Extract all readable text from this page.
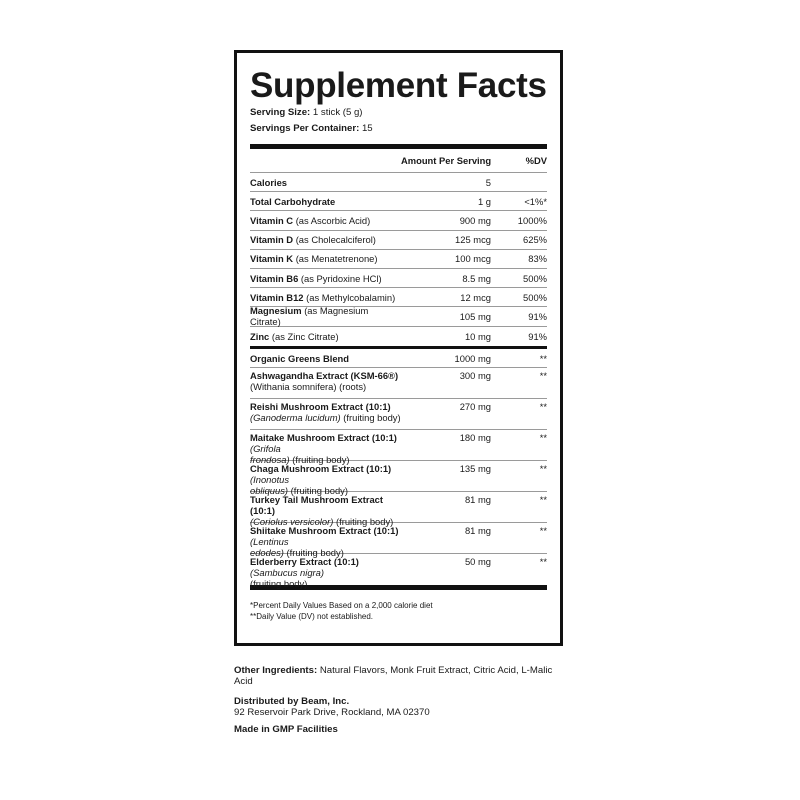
Supplement Facts
Serving Size: 1 stick (5 g)
Servings Per Container: 15
Amount Per Serving	%DV
Calories	5
Total Carbohydrate	1 g	<1%*
Vitamin C (as Ascorbic Acid)	900 mg	1000%
Vitamin D (as Cholecalciferol)	125 mcg	625%
Vitamin K (as Menatetrenone)	100 mcg	83%
Vitamin B6 (as Pyridoxine HCl)	8.5 mg	500%
Vitamin B12 (as Methylcobalamin)	12 mcg	500%
Magnesium (as Magnesium Citrate)	105 mg	91%
Zinc (as Zinc Citrate)	10 mg	91%
Organic Greens Blend	1000 mg	**
Ashwagandha Extract (KSM-66®)
(Withania somnifera) (roots)
300 mg	**
Reishi Mushroom Extract (10:1)
(Ganoderma lucidum) (fruiting body)
270 mg	**
Maitake Mushroom Extract (10:1) (Grifola
frondosa) (fruiting body)
180 mg	**
Chaga Mushroom Extract (10:1) (Inonotus
obliquus) (fruiting body)
135 mg	**
Turkey Tail Mushroom Extract (10:1)
(Coriolus versicolor) (fruiting body)
81 mg	**
Shiitake Mushroom Extract (10:1) (Lentinus
edodes) (fruiting body)
81 mg	**
Elderberry Extract (10:1) (Sambucus nigra)
(fruiting body)
50 mg	**
*Percent Daily Values Based on a 2,000 calorie diet
**Daily Value (DV) not established.
Other Ingredients: Natural Flavors, Monk Fruit Extract, Citric Acid, L-Malic Acid
Distributed by Beam, Inc.
92 Reservoir Park Drive, Rockland, MA 02370
Made in GMP Facilities
